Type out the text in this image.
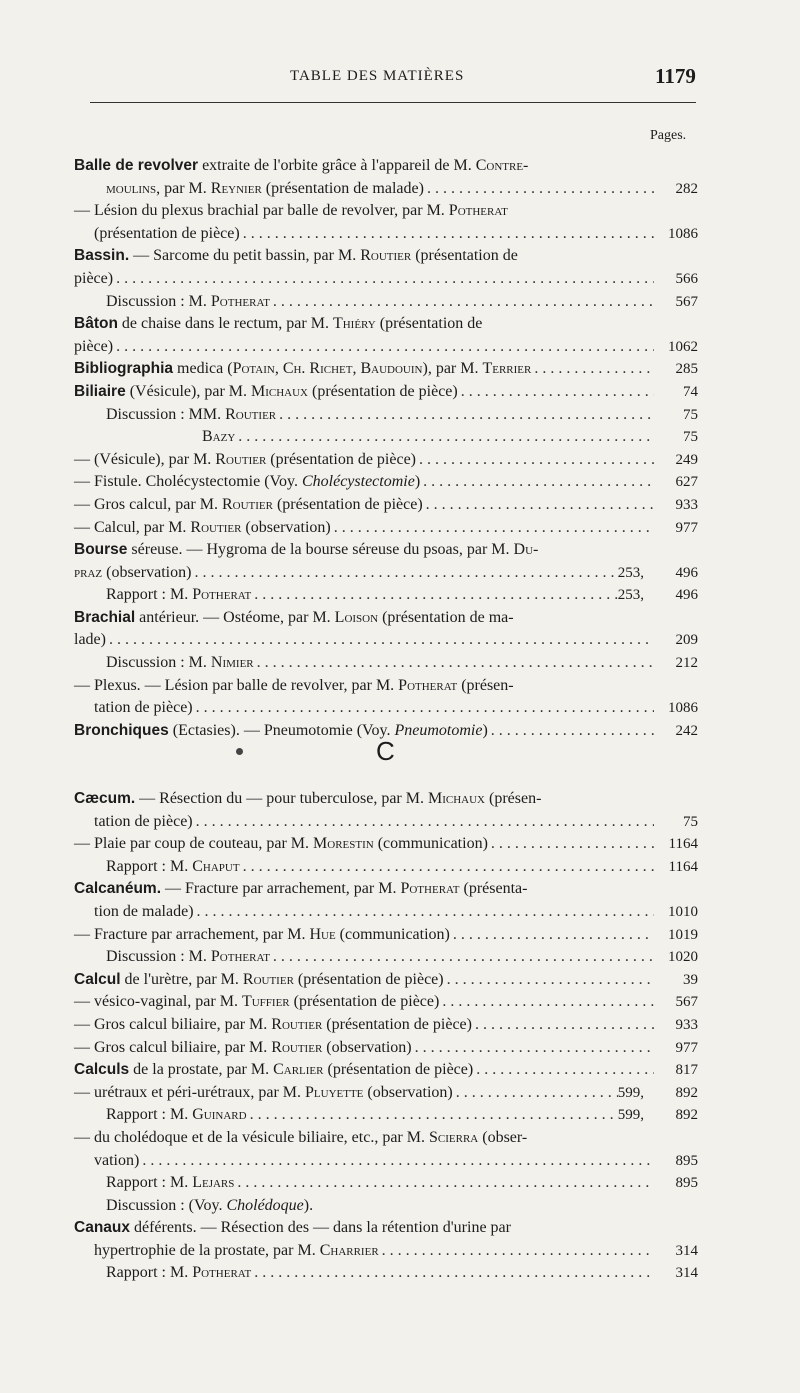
TABLE DES MATIÈRES	1179
Pages.
Balle de revolver extraite de l'orbite grâce à l'appareil de M. Contre-
moulins, par M. Reynier (présentation de malade) . . .	282
— Lésion du plexus brachial par balle de revolver, par M. Potherat
(présentation de pièce) . . .	1086
Bassin. — Sarcome du petit bassin, par M. Routier (présentation de
pièce) . . .	566
Discussion : M. Potherat . . .	567
Bâton de chaise dans le rectum, par M. Thiéry (présentation de
pièce) . . .	1062
Bibliographia medica (Potain, Ch. Richet, Baudouin), par M. Terrier . . .	285
Biliaire (Vésicule), par M. Michaux (présentation de pièce) . . .	74
Discussion : MM. Routier . . .	75
Bazy . . .	75
— (Vésicule), par M. Routier (présentation de pièce) . . .	249
— Fistule. Cholécystectomie (Voy. Cholécystectomie) . . .	627
— Gros calcul, par M. Routier (présentation de pièce) . . .	933
— Calcul, par M. Routier (observation) . . .	977
Bourse séreuse. — Hygroma de la bourse séreuse du psoas, par M. Du-
praz (observation) . . .	253,	496
Rapport : M. Potherat . . .	253,	496
Brachial antérieur. — Ostéome, par M. Loison (présentation de ma-
lade) . . .	209
Discussion : M. Nimier . . .	212
— Plexus. — Lésion par balle de revolver, par M. Potherat (présen-
tation de pièce) . . .	1086
Bronchiques (Ectasies). — Pneumotomie (Voy. Pneumotomie) . . .	242
C
Cæcum. — Résection du — pour tuberculose, par M. Michaux (présen-
tation de pièce) . . .	75
— Plaie par coup de couteau, par M. Morestin (communication) . . .	1164
Rapport : M. Chaput . . .	1164
Calcanéum. — Fracture par arrachement, par M. Potherat (présenta-
tion de malade) . . .	1010
— Fracture par arrachement, par M. Hue (communication) . . .	1019
Discussion : M. Potherat . . .	1020
Calcul de l'urètre, par M. Routier (présentation de pièce) . . .	39
— vésico-vaginal, par M. Tuffier (présentation de pièce) . . .	567
— Gros calcul biliaire, par M. Routier (présentation de pièce) . . .	933
— Gros calcul biliaire, par M. Routier (observation) . . .	977
Calculs de la prostate, par M. Carlier (présentation de pièce) . . .	817
— urétraux et péri-urétraux, par M. Pluyette (observation) . . .	599,	892
Rapport : M. Guinard . . .	599,	892
— du cholédoque et de la vésicule biliaire, etc., par M. Scierra (obser-
vation) . . .	895
Rapport : M. Lejars . . .	895
Discussion : (Voy. Cholédoque).
Canaux déférents. — Résection des — dans la rétention d'urine par
hypertrophie de la prostate, par M. Charrier . . .	314
Rapport : M. Potherat . . .	314
